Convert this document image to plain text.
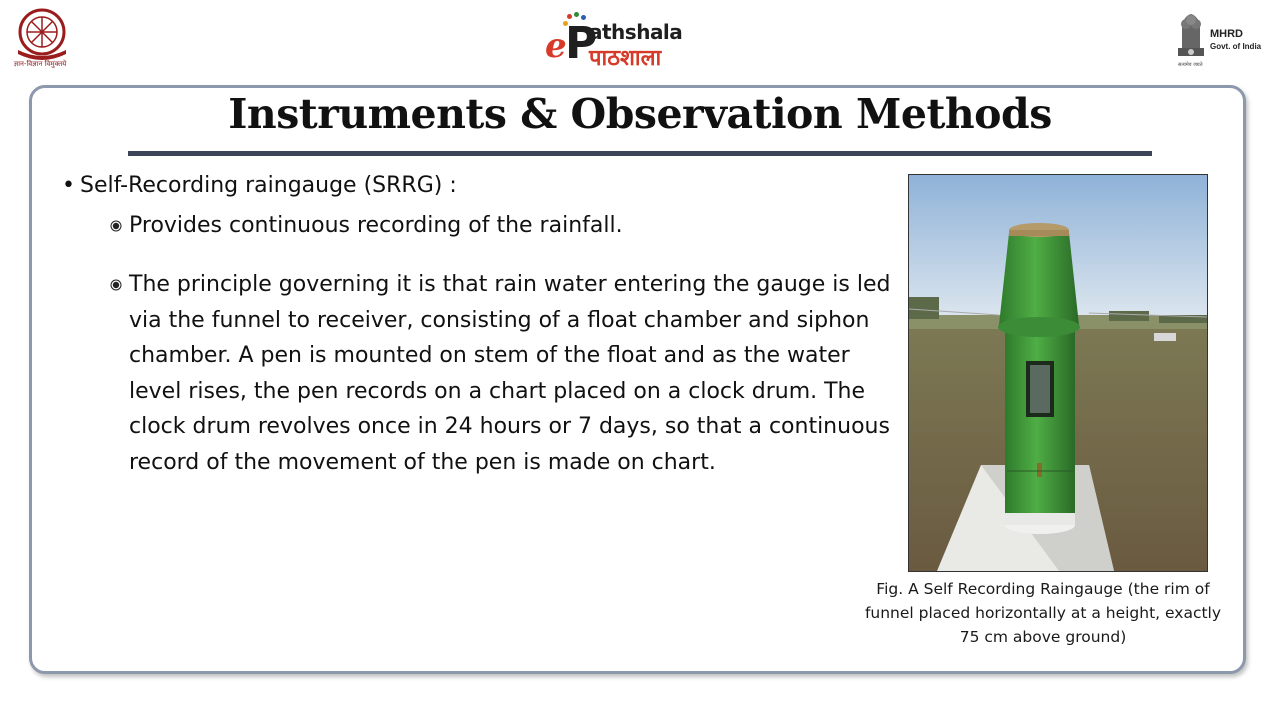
ज्ञान-विज्ञान विमुक्तये	e
P
athshala
पाठशाला
MHRD
Govt. of India
सत्यमेव जयते
Instruments & Observation Methods
• Self-Recording raingauge (SRRG) :
Provides continuous recording of the rainfall.
The principle governing it is that rain water entering the gauge is led via the funnel to receiver, consisting of a float chamber and siphon chamber. A pen is mounted on stem of the float and as the water level rises, the pen records on a chart placed on a clock drum. The clock drum revolves once in 24 hours or 7 days, so that a continuous record of the movement of the pen is made on chart.
Fig. A Self Recording Raingauge (the rim of funnel placed horizontally at a height, exactly 75 cm above ground)
